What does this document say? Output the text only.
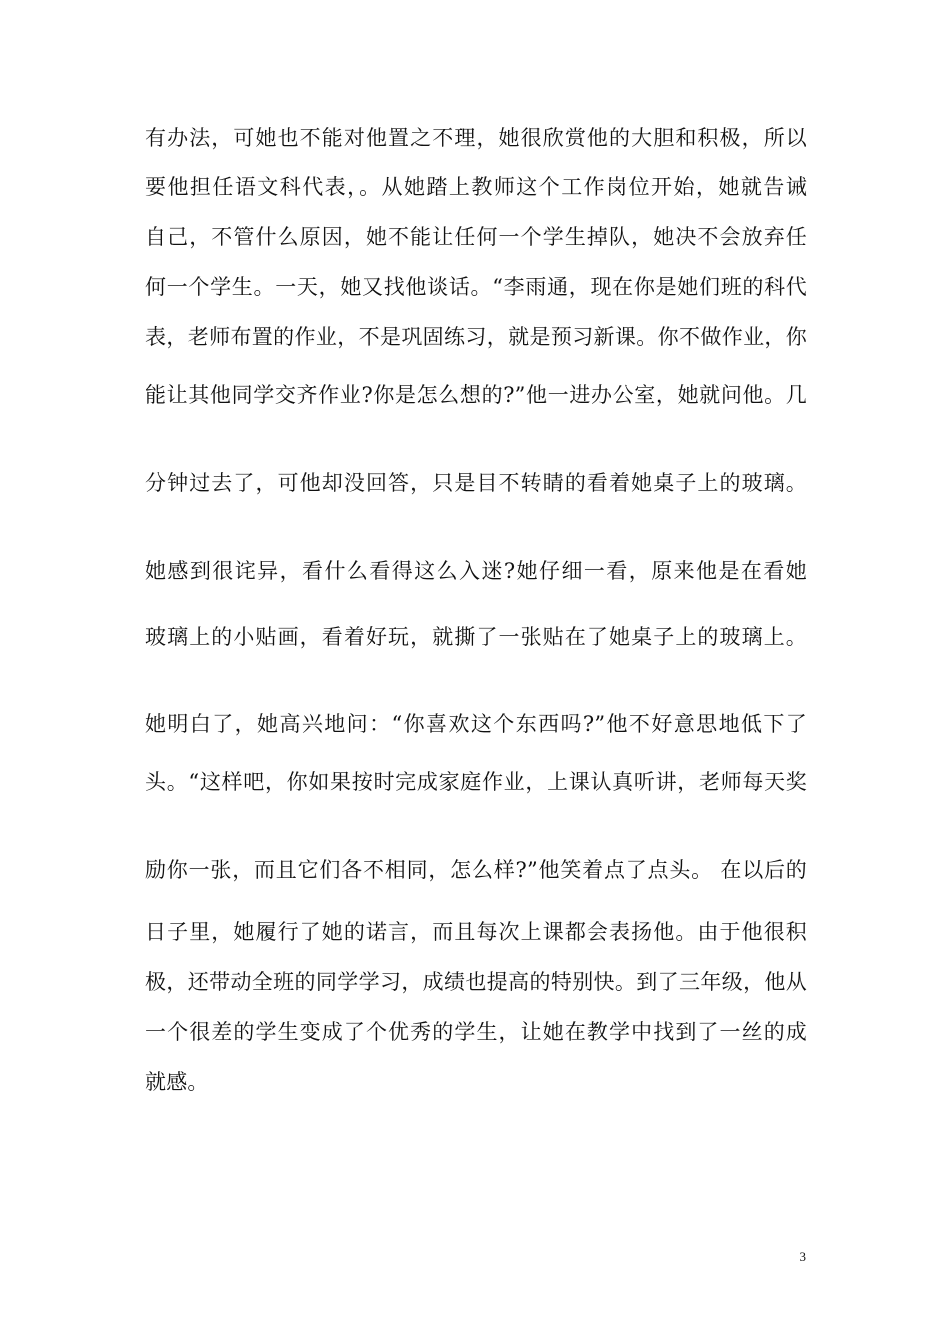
有办法，可她也不能对他置之不理，她很欣赏他的大胆和积极，所以
要他担任语文科代表，。从她踏上教师这个工作岗位开始，她就告诫
自己，不管什么原因，她不能让任何一个学生掉队，她决不会放弃任
何一个学生。一天，她又找他谈话。“李雨通，现在你是她们班的科代
表，老师布置的作业，不是巩固练习，就是预习新课。你不做作业，你
能让其他同学交齐作业?你是怎么想的?”他一进办公室，她就问他。几
分钟过去了，可他却没回答，只是目不转睛的看着她桌子上的玻璃。
她感到很诧异，看什么看得这么入迷?她仔细一看，原来他是在看她
玻璃上的小贴画，看着好玩，就撕了一张贴在了她桌子上的玻璃上。
她明白了，她高兴地问：“你喜欢这个东西吗?”他不好意思地低下了
头。“这样吧，你如果按时完成家庭作业，上课认真听讲，老师每天奖
励你一张，而且它们各不相同，怎么样?”他笑着点了点头。 在以后的
日子里，她履行了她的诺言，而且每次上课都会表扬他。由于他很积
极，还带动全班的同学学习，成绩也提高的特别快。到了三年级，他从
一个很差的学生变成了个优秀的学生，让她在教学中找到了一丝的成
就感。
3
